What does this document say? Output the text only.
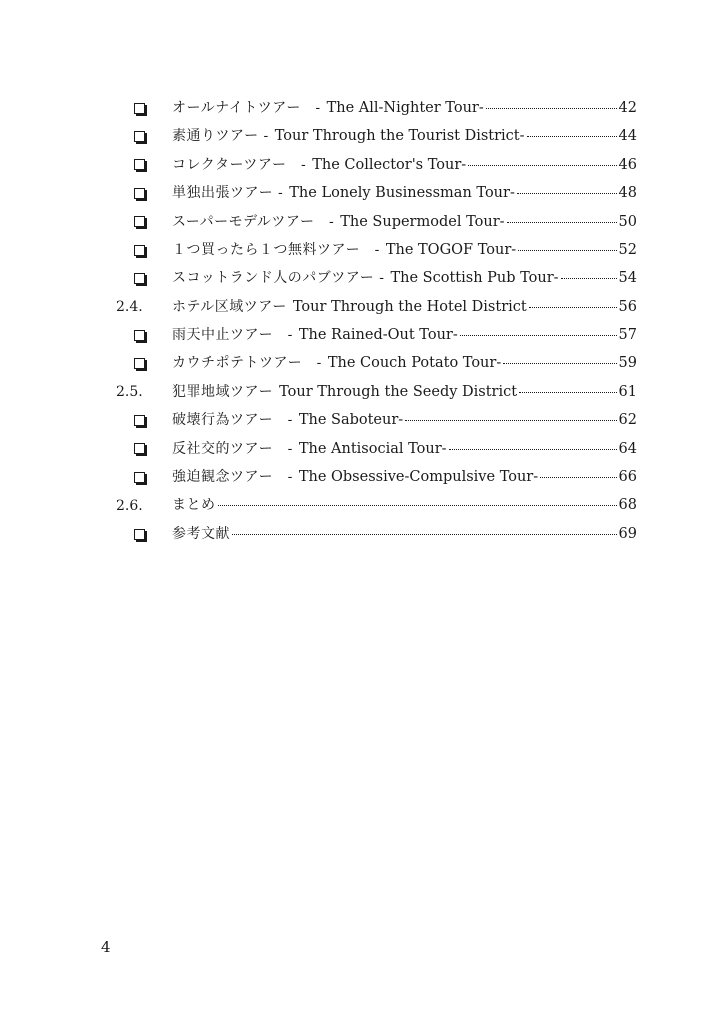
オールナイトツアー　- The All-Nighter Tour-	42
素通りツアー - Tour Through the Tourist District-	44
コレクターツアー　- The Collector's Tour-	46
単独出張ツアー - The Lonely Businessman Tour-	48
スーパーモデルツアー　- The Supermodel Tour-	50
１つ買ったら１つ無料ツアー　- The TOGOF Tour-	52
スコットランド人のパブツアー - The Scottish Pub Tour-	54
2.4. ホテル区域ツアー Tour Through the Hotel District	56
雨天中止ツアー　- The Rained-Out Tour-	57
カウチポテトツアー　- The Couch Potato Tour-	59
2.5. 犯罪地域ツアー Tour Through the Seedy District	61
破壊行為ツアー　- The Saboteur-	62
反社交的ツアー　- The Antisocial Tour-	64
強迫観念ツアー　- The Obsessive-Compulsive Tour-	66
2.6. まとめ	68
参考文献	69
4
